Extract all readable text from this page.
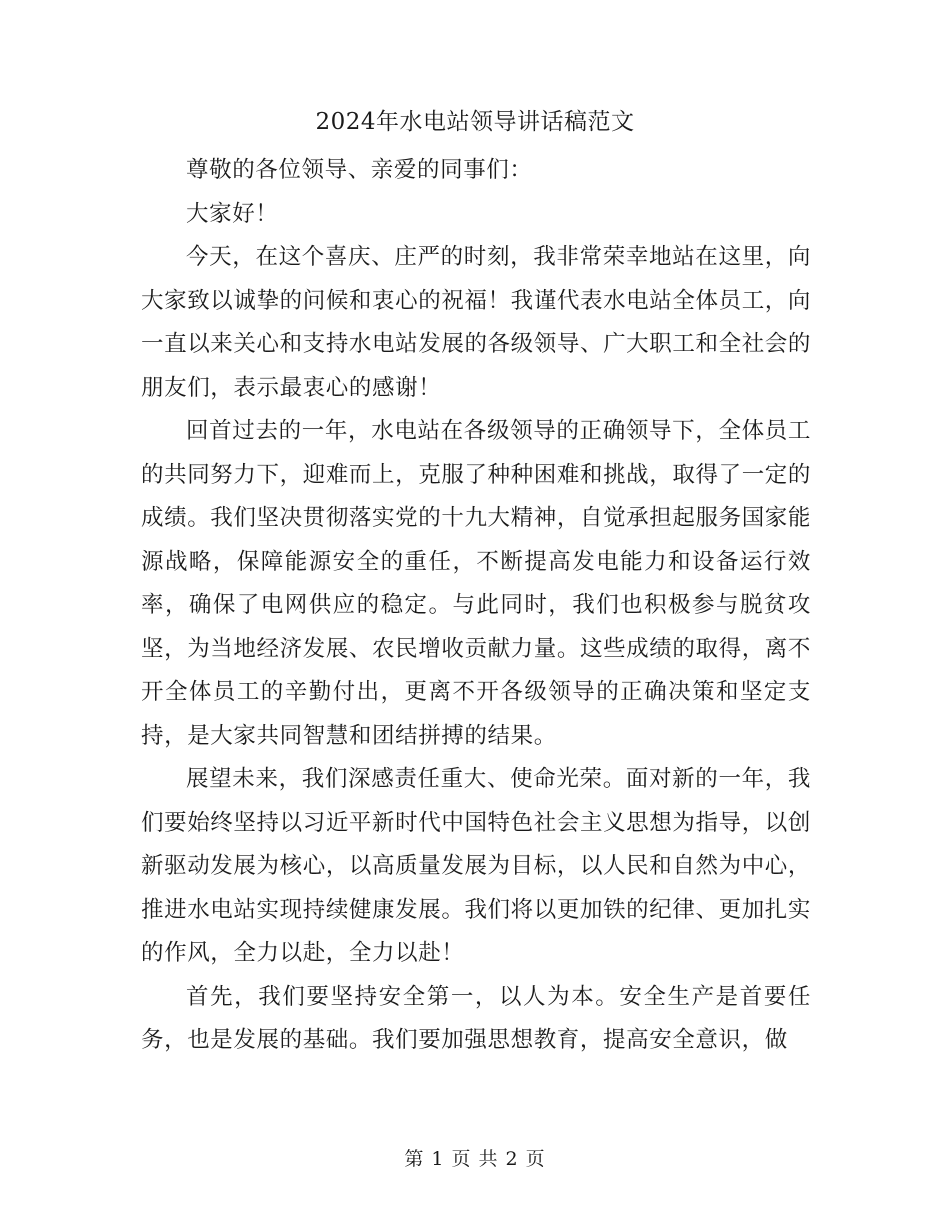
2024年水电站领导讲话稿范文

尊敬的各位领导、亲爱的同事们：

大家好！

今天，在这个喜庆、庄严的时刻，我非常荣幸地站在这里，向大家致以诚挚的问候和衷心的祝福！我谨代表水电站全体员工，向一直以来关心和支持水电站发展的各级领导、广大职工和全社会的朋友们，表示最衷心的感谢！

回首过去的一年，水电站在各级领导的正确领导下，全体员工的共同努力下，迎难而上，克服了种种困难和挑战，取得了一定的成绩。我们坚决贯彻落实党的十九大精神，自觉承担起服务国家能源战略，保障能源安全的重任，不断提高发电能力和设备运行效率，确保了电网供应的稳定。与此同时，我们也积极参与脱贫攻坚，为当地经济发展、农民增收贡献力量。这些成绩的取得，离不开全体员工的辛勤付出，更离不开各级领导的正确决策和坚定支持，是大家共同智慧和团结拼搏的结果。

展望未来，我们深感责任重大、使命光荣。面对新的一年，我们要始终坚持以习近平新时代中国特色社会主义思想为指导，以创新驱动发展为核心，以高质量发展为目标，以人民和自然为中心，推进水电站实现持续健康发展。我们将以更加铁的纪律、更加扎实的作风，全力以赴，全力以赴！

首先，我们要坚持安全第一，以人为本。安全生产是首要任务，也是发展的基础。我们要加强思想教育，提高安全意识，做

第 1 页 共 2 页
